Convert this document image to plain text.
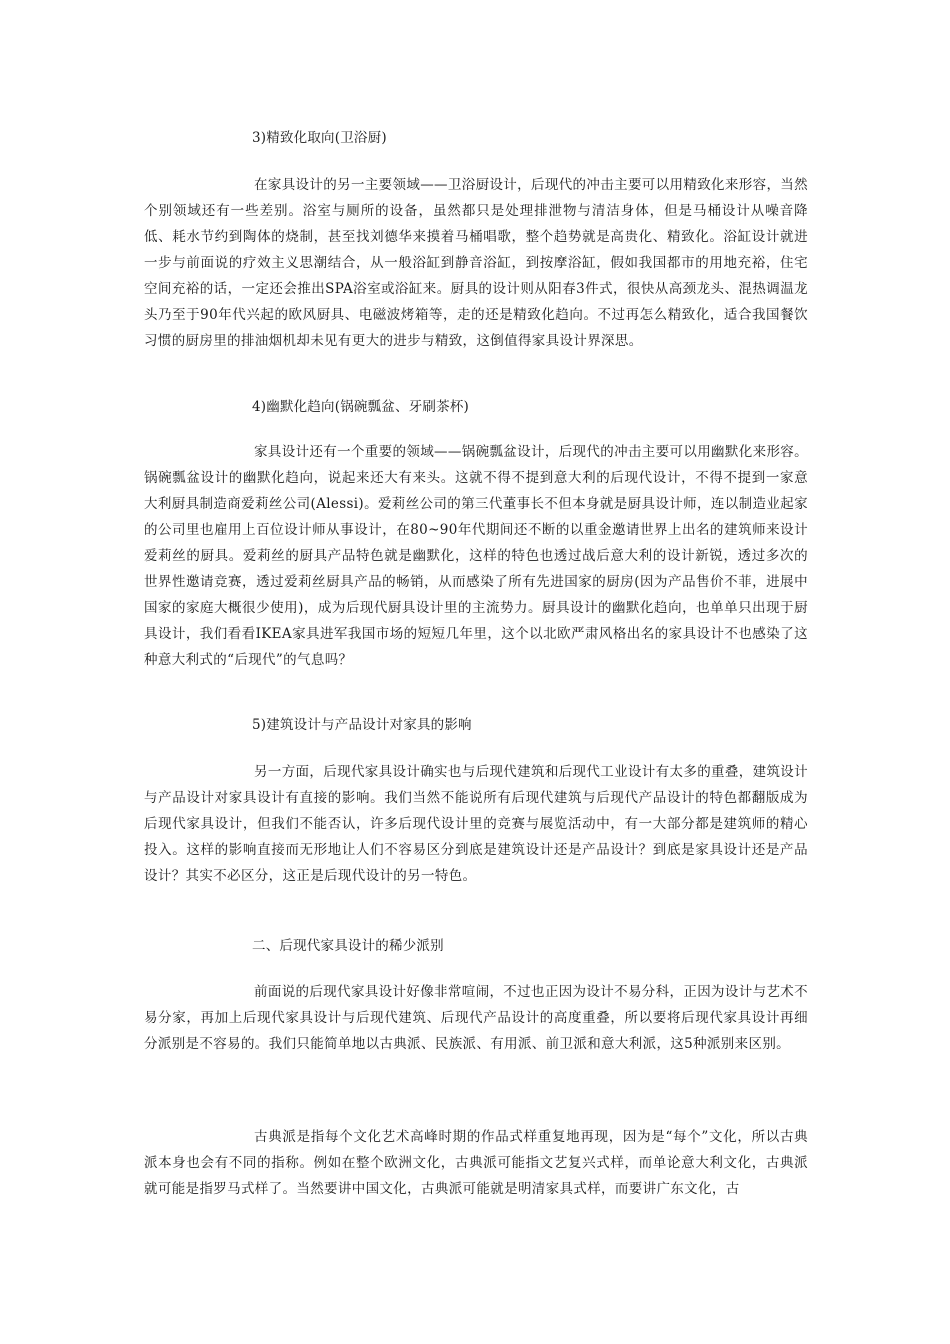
3)精致化取向(卫浴厨)

在家具设计的另一主要领域——卫浴厨设计，后现代的冲击主要可以用精致化来形容，当然个别领域还有一些差别。浴室与厕所的设备，虽然都只是处理排泄物与清洁身体，但是马桶设计从噪音降低、耗水节约到陶体的烧制，甚至找刘德华来摸着马桶唱歌，整个趋势就是高贵化、精致化。浴缸设计就进一步与前面说的疗效主义思潮结合，从一般浴缸到静音浴缸，到按摩浴缸，假如我国都市的用地充裕，住宅空间充裕的话，一定还会推出SPA浴室或浴缸来。厨具的设计则从阳春3件式，很快从高颈龙头、混热调温龙头乃至于90年代兴起的欧风厨具、电磁波烤箱等，走的还是精致化趋向。不过再怎么精致化，适合我国餐饮习惯的厨房里的排油烟机却未见有更大的进步与精致，这倒值得家具设计界深思。

4)幽默化趋向(锅碗瓢盆、牙刷茶杯)

家具设计还有一个重要的领域——锅碗瓢盆设计，后现代的冲击主要可以用幽默化来形容。锅碗瓢盆设计的幽默化趋向，说起来还大有来头。这就不得不提到意大利的后现代设计，不得不提到一家意大利厨具制造商爱莉丝公司(Alessi)。爱莉丝公司的第三代董事长不但本身就是厨具设计师，连以制造业起家的公司里也雇用上百位设计师从事设计，在80~90年代期间还不断的以重金邀请世界上出名的建筑师来设计爱莉丝的厨具。爱莉丝的厨具产品特色就是幽默化，这样的特色也透过战后意大利的设计新锐，透过多次的世界性邀请竞赛，透过爱莉丝厨具产品的畅销，从而感染了所有先进国家的厨房(因为产品售价不菲，进展中国家的家庭大概很少使用)，成为后现代厨具设计里的主流势力。厨具设计的幽默化趋向，也单单只出现于厨具设计，我们看看IKEA家具进军我国市场的短短几年里，这个以北欧严肃风格出名的家具设计不也感染了这种意大利式的“后现代”的气息吗？

5)建筑设计与产品设计对家具的影响

另一方面，后现代家具设计确实也与后现代建筑和后现代工业设计有太多的重叠，建筑设计与产品设计对家具设计有直接的影响。我们当然不能说所有后现代建筑与后现代产品设计的特色都翻版成为后现代家具设计，但我们不能否认，许多后现代设计里的竞赛与展览活动中，有一大部分都是建筑师的精心投入。这样的影响直接而无形地让人们不容易区分到底是建筑设计还是产品设计？到底是家具设计还是产品设计？其实不必区分，这正是后现代设计的另一特色。

二、后现代家具设计的稀少派别

前面说的后现代家具设计好像非常喧闹，不过也正因为设计不易分科，正因为设计与艺术不易分家，再加上后现代家具设计与后现代建筑、后现代产品设计的高度重叠，所以要将后现代家具设计再细分派别是不容易的。我们只能简单地以古典派、民族派、有用派、前卫派和意大利派，这5种派别来区别。

古典派是指每个文化艺术高峰时期的作品式样重复地再现，因为是“每个”文化，所以古典派本身也会有不同的指称。例如在整个欧洲文化，古典派可能指文艺复兴式样，而单论意大利文化，古典派就可能是指罗马式样了。当然要讲中国文化，古典派可能就是明清家具式样，而要讲广东文化，古
